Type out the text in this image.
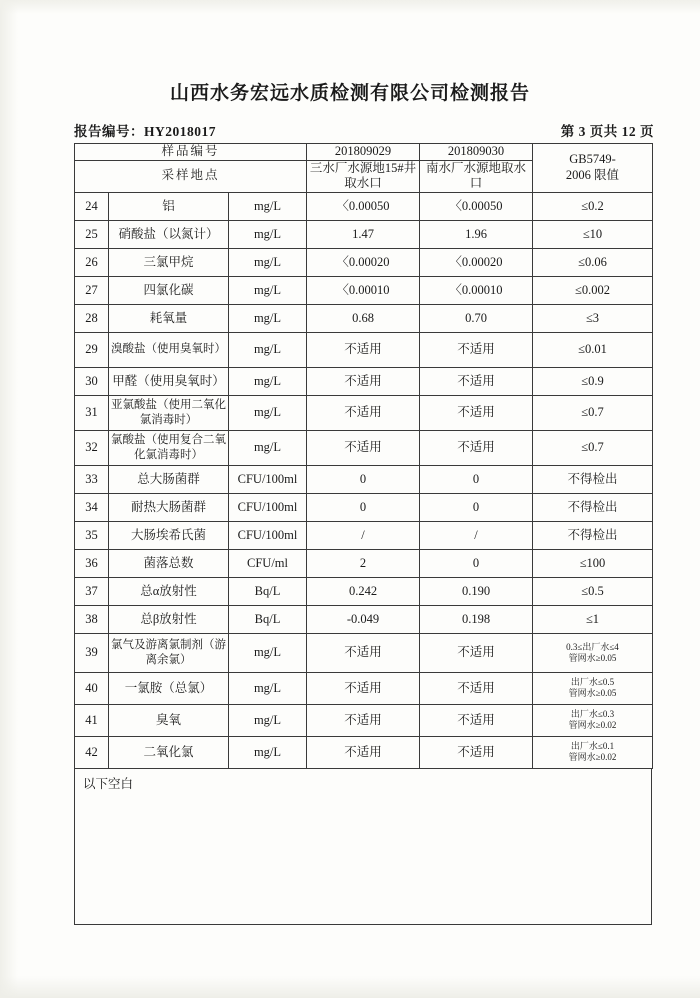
山西水务宏远水质检测有限公司检测报告
报告编号：HY2018017	第 3 页共 12 页
样品编号			201809029	201809030	GB5749-
2006 限值
采样地点			三水厂水源地15#井取水口	南水厂水源地取水口	
24	铝	mg/L	〈0.00050	〈0.00050	≤0.2
25	硝酸盐（以氮计）	mg/L	1.47	1.96	≤10
26	三氯甲烷	mg/L	〈0.00020	〈0.00020	≤0.06
27	四氯化碳	mg/L	〈0.00010	〈0.00010	≤0.002
28	耗氧量	mg/L	0.68	0.70	≤3
29	溴酸盐（使用臭氧时）	mg/L	不适用	不适用	≤0.01
30	甲醛（使用臭氧时）	mg/L	不适用	不适用	≤0.9
31	亚氯酸盐（使用二氧化氯消毒时）	mg/L	不适用	不适用	≤0.7
32	氯酸盐（使用复合二氧化氯消毒时）	mg/L	不适用	不适用	≤0.7
33	总大肠菌群	CFU/100ml	0	0	不得检出
34	耐热大肠菌群	CFU/100ml	0	0	不得检出
35	大肠埃希氏菌	CFU/100ml	/	/	不得检出
36	菌落总数	CFU/ml	2	0	≤100
37	总α放射性	Bq/L	0.242	0.190	≤0.5
38	总β放射性	Bq/L	-0.049	0.198	≤1
39	氯气及游离氯制剂（游离余氯）	mg/L	不适用	不适用	0.3≤出厂水≤4
管网水≥0.05
40	一氯胺（总氯）	mg/L	不适用	不适用	出厂水≤0.5
管网水≥0.05
41	臭氧	mg/L	不适用	不适用	出厂水≤0.3
管网水≥0.02
42	二氧化氯	mg/L	不适用	不适用	出厂水≤0.1
管网水≥0.02
以下空白
